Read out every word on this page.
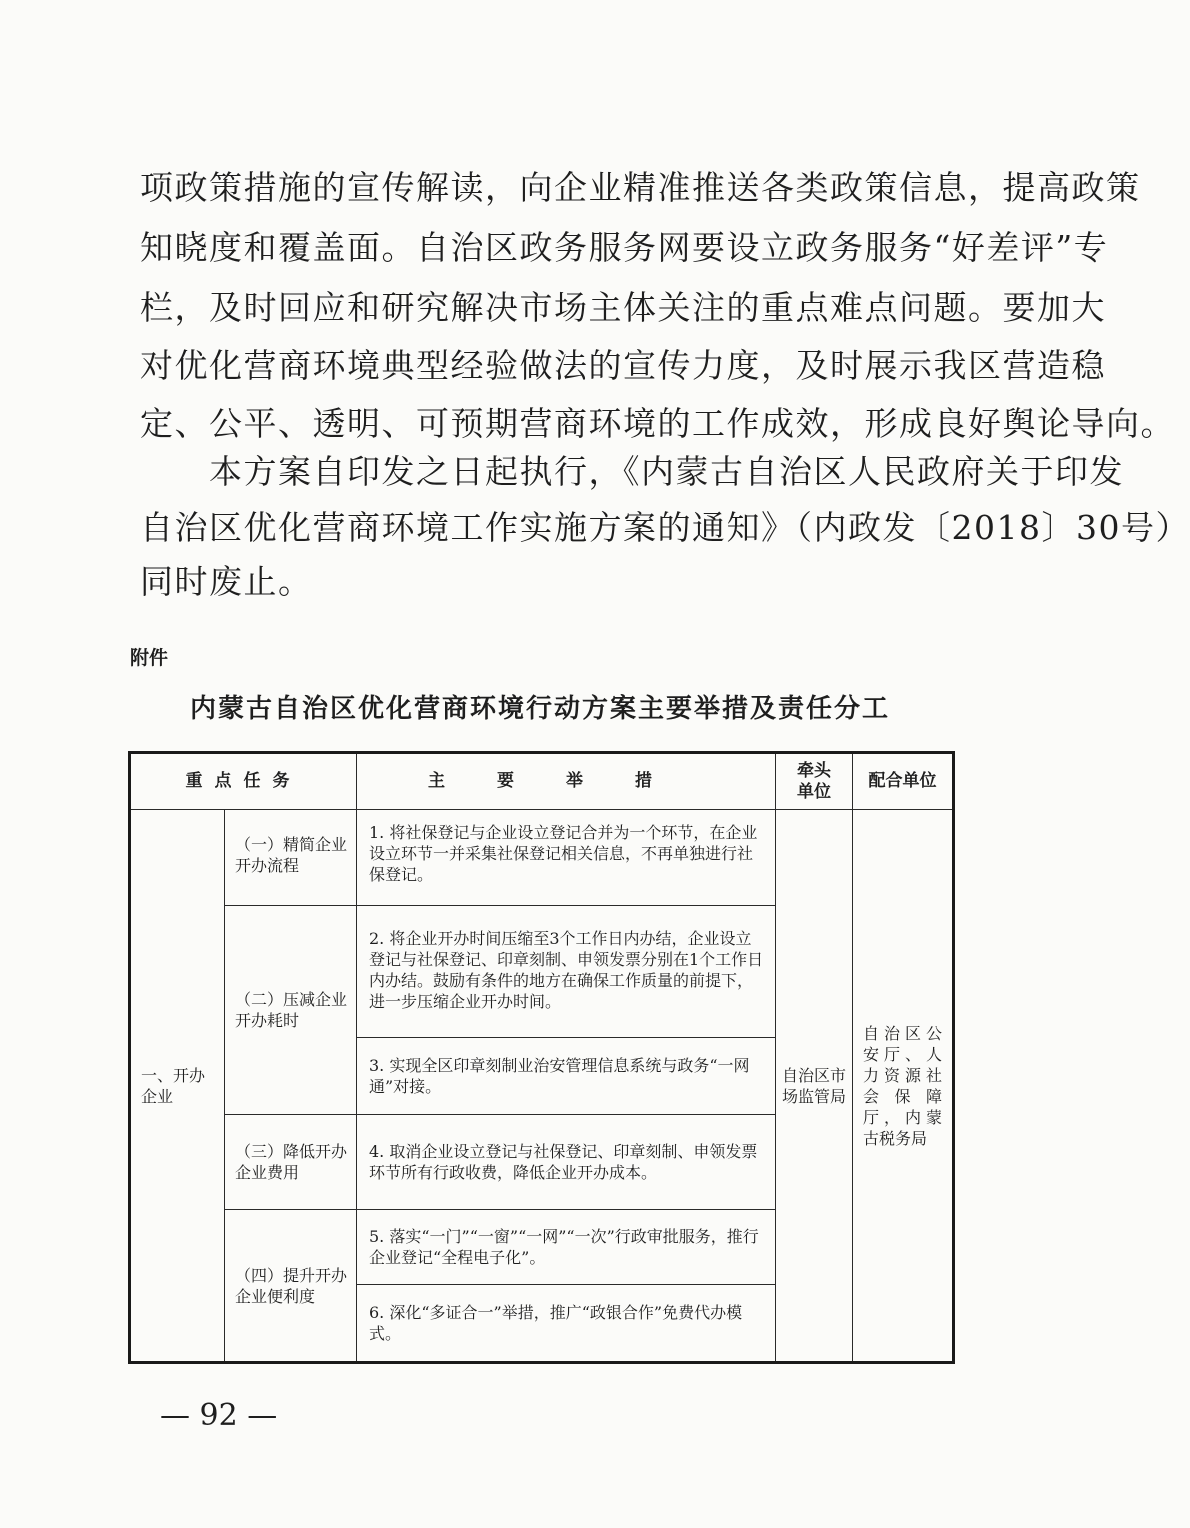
项政策措施的宣传解读，向企业精准推送各类政策信息，提高政策
知晓度和覆盖面。自治区政务服务网要设立政务服务“好差评”专
栏，及时回应和研究解决市场主体关注的重点难点问题。要加大
对优化营商环境典型经验做法的宣传力度，及时展示我区营造稳
定、公平、透明、可预期营商环境的工作成效，形成良好舆论导向。
　　本方案自印发之日起执行，《内蒙古自治区人民政府关于印发
自治区优化营商环境工作实施方案的通知》（内政发〔2018〕30号）
同时废止。
附件
内蒙古自治区优化营商环境行动方案主要举措及责任分工
重点任务		主要举措	牵头单位	配合单位
一、开办企业	（一）精简企业开办流程	1. 将社保登记与企业设立登记合并为一个环节，在企业设立环节一并采集社保登记相关信息，不再单独进行社保登记。	自治区市场监管局	自治区公安厅、人力资源社会保障厅，内蒙古税务局
	（二）压减企业开办耗时	2. 将企业开办时间压缩至3个工作日内办结，企业设立登记与社保登记、印章刻制、申领发票分别在1个工作日内办结。鼓励有条件的地方在确保工作质量的前提下，进一步压缩企业开办时间。		
		3. 实现全区印章刻制业治安管理信息系统与政务“一网通”对接。		
	（三）降低开办企业费用	4. 取消企业设立登记与社保登记、印章刻制、申领发票环节所有行政收费，降低企业开办成本。		
	（四）提升开办企业便利度	5. 落实“一门”“一窗”“一网”“一次”行政审批服务，推行企业登记“全程电子化”。		
		6. 深化“多证合一”举措，推广“政银合作”免费代办模式。		
— 92 —
